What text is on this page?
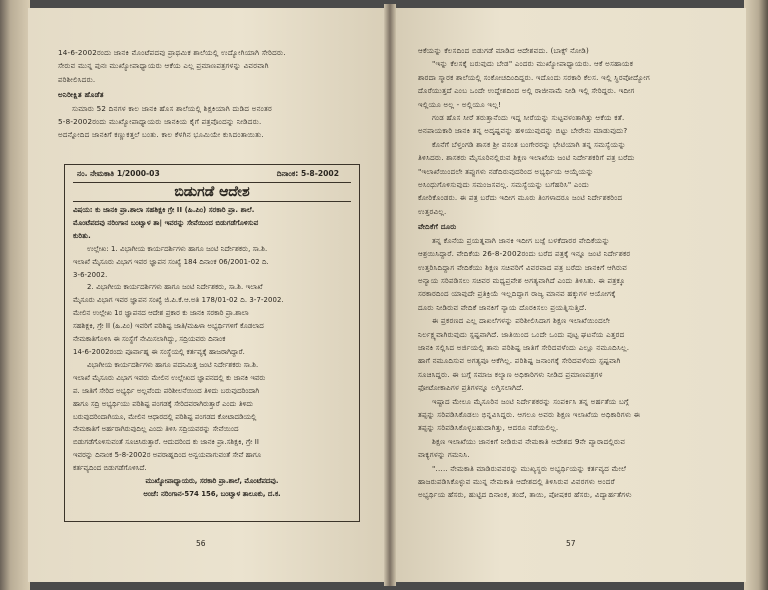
14-6-2002ರಂದು ಜಾನಕಿ ಮೊಂಟೆಪದವು ಪ್ರಾಥಮಿಕ ಶಾಲೆಯಲ್ಲಿ ಉದ್ಯೋಗಿಯಾಗಿ ಸೇರಿದರು.
ಸೇರುವ ಮುನ್ನ ಪುನಃ ಮುಖ್ಯೋಪಾಧ್ಯಾಯರು ಆಕೆಯ ಎಲ್ಲ ಪ್ರಮಾಣಪತ್ರಗಳನ್ನು ವಿವರವಾಗಿ
ಪರಿಶೀಲಿಸಿದರು.
ಅನಿರೀಕ್ಷಿತ ಹೊಡೆತ
ಸುಮಾರು 52 ದಿನಗಳ ಕಾಲ ಜಾನಕಿ ಹೊಸ ಶಾಲೆಯಲ್ಲಿ ಶಿಕ್ಷಕಿಯಾಗಿ ದುಡಿದ ಅನಂತರ
5-8-2002ರಂದು ಮುಖ್ಯೋಪಾಧ್ಯಾಯರು ಜಾನಕಿಯ ಕೈಗೆ ಪತ್ರವೊಂದನ್ನು ನೀಡಿದರು.
ಅದನ್ನೋದಿದ ಜಾನಕಿಗೆ ಕಣ್ಣುಕತ್ತಲೆ ಬಂತು. ಕಾಲ ಕೆಳಗಿನ ಭೂಮಿಯೇ ಕುಸಿದಂತಾಯಿತು.
ನಂ. ನೇಮಕಾತಿ 1/2000-03	ದಿನಾಂಕ: 5-8-2002
ಬಿಡುಗಡೆ ಆದೇಶ
ವಿಷಯ: ಕು ಜಾನಕಿ ಪ್ರಾ.ಶಾಲಾ ಸಹಶಿಕ್ಷಕಿ ಗ್ರೇ II (ಹಿ.ಪಿಂ) ಸರಕಾರಿ ಪ್ರಾ. ಶಾಲೆ.
ಮೊಂಟೆಪದವು ನರಿಂಗಾನ ಬಂಟ್ವಾಳ ತಾ| ಇವರನ್ನು ಸೇವೆಯಿಂದ ಬಿಡುಗಡೆಗೊಳಿಸುವ
ಕುರಿತು.
ಉಲ್ಲೇಖ: 1. ವಿಭಾಗೀಯ ಕಾರ್ಯದರ್ಶಿಗಳು ಹಾಗೂ ಜಂಟಿ ನಿರ್ದೇಶಕರು, ಸಾ.ಶಿ.
ಇಲಾಖೆ ಮೈಸೂರು ವಿಭಾಗ ಇವರ ಜ್ಞಾಪನ ಸಂಖ್ಯೆ 184 ದಿನಾಂಕ 06/2001-02 ದಿ.
3-6-2002.
2. ವಿಭಾಗೀಯ ಕಾರ್ಯದರ್ಶಿಗಳು ಹಾಗೂ ಜಂಟಿ ನಿರ್ದೇಶಕರು, ಸಾ.ಶಿ. ಇಲಾಖೆ
ಮೈಸೂರು ವಿಭಾಗ ಇವರ ಜ್ಞಾಪನ ಸಂಖ್ಯೆ ಜಿ.ಪಿ.ಕೆ.ಆ.ಅತಿ 178/01-02 ದಿ. 3-7-2002.
ಮೇಲಿನ ಉಲ್ಲೇಖ 1ರ ಜ್ಞಾಪನದ ಆದೇಶ ಪ್ರಕಾರ ಕು ಜಾನಕಿ ಸರಕಾರಿ ಪ್ರಾ.ಶಾಲಾ
ಸಹಶಿಕ್ಷಕಿ, ಗ್ರೇ II (ಹಿ.ಪಿಂ) ಇವರಿಗೆ ಪರಿಶಿಷ್ಟ ಜಾತಿ/ಮಹಿಳಾ ಅಭ್ಯರ್ಥಿಗಳಿಗೆ ಕೊಡಲಾದ
ನೇಮಕಾತಿಗೊಳಿಸಿ ಈ ಸಂಸ್ಥೆಗೆ ನೇಮಿಸಲಾಗಿದ್ದು, ಸದ್ರಿಯವರು ದಿನಾಂಕ
14-6-2002ರಂದು ಪೂರ್ವಾಹ್ನ ಈ ಸಂಸ್ಥೆಯಲ್ಲಿ ಕರ್ತವ್ಯಕ್ಕೆ ಹಾಜರಾಗಿದ್ದಾರೆ.
ವಿಭಾಗೀಯ ಕಾರ್ಯದರ್ಶಿಗಳು ಹಾಗೂ ಪದನಿಮಿತ್ತ ಜಂಟಿ ನಿರ್ದೇಶಕರು ಸಾ.ಶಿ.
ಇಲಾಖೆ ಮೈಸೂರು ವಿಭಾಗ ಇವರು ಮೇಲಿನ ಉಲ್ಲೇಖದ ಜ್ಞಾಪನದಲ್ಲಿ ಕು ಜಾನಕಿ ಇವರು
ಪ. ಜಾತಿಗೆ ಸೇರಿದ ಅಭ್ಯರ್ಥಿ ಅಲ್ಲವೆಂದು ಪರಿಶೀಲನೆಯಿಂದ ತಿಳಿದು ಬರುವುದರಿಂದಾಗಿ
ಹಾಗೂ ಸದ್ರಿ ಅಭ್ಯರ್ಥಿಯು ಪರಿಶಿಷ್ಟ ಪಂಗಡಕ್ಕೆ ಸೇರಿದವರಾಗಿರುತ್ತಾರೆ ಎಂದು ತಿಳಿದು
ಬರುವುದರಿಂದಾಗಿಯೂ, ಮೇಲಿನ ಆಧಾರದಲ್ಲಿ ಪರಿಶಿಷ್ಟ ಪಂಗಡದ ಕೋಟಾದಡಿಯಲ್ಲಿ
ನೇಮಕಾತಿಗೆ ಅರ್ಹರಾಗಿರುವುದಿಲ್ಲ ಎಂದು ತಿಳಿಸಿ ಸದ್ರಿಯವರನ್ನು ಸೇವೆಯಿಂದ
ಬಿಡುಗಡೆಗೊಳಿಸುವಂತೆ ಸೂಚಿಸಿರುತ್ತಾರೆ. ಆದುದರಿಂದ ಕು ಜಾನಕಿ ಪ್ರಾ.ಸಶಿಕ್ಷಕಿ, ಗ್ರೇ II
ಇವರನ್ನು ದಿನಾಂಕ 5-8-2002ರ ಅಪರಾಹ್ನದಿಂದ ಅನ್ವಯವಾಗುವಂತೆ ಸೇವೆ ಹಾಗೂ
ಕರ್ತವ್ಯದಿಂದ ಬಿಡುಗಡೆಗೊಳಿಸಿದೆ.
ಮುಖ್ಯೋಪಾಧ್ಯಾಯರು, ಸರಕಾರಿ ಪ್ರಾ.ಶಾಲೆ, ಮೊಂಟೆಪದವು.
ಅಂಚೆ: ನರಿಂಗಾನ-574 156, ಬಂಟ್ವಾಳ ತಾಲೂಕು, ದ.ಕ.
56
ಆಕೆಯನ್ನು ಕೆಲಸದಿಂದ ಬಿಡುಗಡೆ ಮಾಡಿದ ಆದೇಶವದು. (ಬಾಕ್ಸ್ ನೋಡಿ)
"ಇನ್ನು ಕೆಲಸಕ್ಕೆ ಬರುವುದು ಬೇಡ" ಎಂದರು ಮುಖ್ಯೋಪಾಧ್ಯಾಯರು. ಆಕೆ ಅಸಹಾಯಕ
ಶಾರದಾ ಸ್ಮಾರಕ ಶಾಲೆಯಲ್ಲಿ ಸಂಕೋಚದಿಂದಿದ್ದರು. ಇದೊಂದು ಸರಕಾರಿ ಕೆಲಸ. ಇಲ್ಲಿ ಸ್ಥಿರವೋದ್ಯೋಗ
ದೊರೆಯುತ್ತದೆ ಎಂಬ ಒಂದೇ ಉದ್ದೇಶದಿಂದ ಅಲ್ಲಿ ರಾಜೀನಾಮೆ ನೀಡಿ ಇಲ್ಲಿ ಸೇರಿದ್ದರು. ಇದೀಗ
ಇಲ್ಲಿಯೂ ಅಲ್ಲ - ಅಲ್ಲಿಯೂ ಇಲ್ಲ!
ಗಂಡ ಹೊಸ ಸೀರೆ ತರುತ್ತಾನೆಂದು ಇದ್ದ ಸೀರೆಯನ್ನು ಸುಟ್ಟವಳಂತಾಗಿತ್ತು ಆಕೆಯ ಕತೆ.
ಅನಪಾಯಕಾರಿ ಜಾನಕಿ ತನ್ನ ಅದೃಷ್ಟವನ್ನು ಹಳಿಯುವುದನ್ನು ಬಿಟ್ಟು ಬೇರೇನು ಮಾಡುವುದು?
ಕೊನೆಗೆ ಬೆಳ್ತಂಗಡಿ ಶಾಸಕ ಶ್ರೀ ವಸಂತ ಬಂಗೇರರನ್ನು ಭೇಟಿಯಾಗಿ ತನ್ನ ಸಮಸ್ಯೆಯನ್ನು
ತಿಳಿಸಿದರು. ಶಾಸಕರು ಮೈಸೂರಿನಲ್ಲಿರುವ ಶಿಕ್ಷಣ ಇಲಾಖೆಯ ಜಂಟಿ ನಿರ್ದೇಶಕರಿಗೆ ಪತ್ರ ಬರೆದು
"ಇಲಾಖೆಯಿಂದಲೇ ತಪ್ಪುಗಳು ನಡೆದಿರುವುದರಿಂದ ಅಭ್ಯರ್ಥಿಯ ಆಯ್ಕೆಯನ್ನು
ಅಸಿಂಧುಗೊಳಿಸುವುದು ಸಮಂಜಸವಲ್ಲ. ಸಮಸ್ಯೆಯನ್ನು ಬಗೆಹರಿಸಿ" ಎಂದು
ಕೋರಿಕೊಂಡರು. ಈ ಪತ್ರ ಬರೆದು ಇದೀಗ ಮೂರು ತಿಂಗಳಾದರೂ ಜಂಟಿ ನಿರ್ದೇಶಕರಿಂದ
ಉತ್ತರವಿಲ್ಲ.
ವೇದಿಕೆಗೆ ದೂರು
ತನ್ನ ಕೊನೆಯ ಪ್ರಯತ್ನವಾಗಿ ಜಾನಕಿ ಇದೀಗ ಬಜ್ಪೆ ಬಳಕೆದಾರರ ವೇದಿಕೆಯನ್ನು
ಆಶ್ರಯಿಸಿದ್ದಾರೆ. ವೇದಿಕೆಯ 26-8-2002ರಂದು ಬರೆದ ಪತ್ರಕ್ಕೆ ಇನ್ನೂ ಜಂಟಿ ನಿರ್ದೇಶಕರ
ಉತ್ತರಿಸಿದಿದ್ದಾಗ ವೇದಿಕೆಯು ಶಿಕ್ಷಣ ಸಚಿವರಿಗೆ ವಿವರವಾದ ಪತ್ರ ಬರೆದು ಜಾನಕಿಗೆ ಆಗಿರುವ
ಅನ್ಯಾಯ ಸರಿಪಡಿಸಲು ಸಚಿವರ ಮಧ್ಯಪ್ರವೇಶ ಅಗತ್ಯವಾಗಿದೆ ಎಂದು ತಿಳಿಸಿತು. ಈ ಪತ್ರಕ್ಕೂ
ಸರಕಾರದಿಂದ ಯಾವುದೇ ಪ್ರತಿಕ್ರಿಯೆ ಇಲ್ಲದಿದ್ದಾಗ ರಾಜ್ಯ ಮಾನವ ಹಕ್ಕುಗಳ ಆಯೋಗಕ್ಕೆ
ದೂರು ನೀಡಿರುವ ವೇದಿಕೆ ಜಾನಕಿಗೆ ನ್ಯಾಯ ದೊರಕಿಸಲು ಪ್ರಯತ್ನಿಸುತ್ತಿದೆ.
ಈ ಪ್ರಕರಣದ ಎಲ್ಲ ದಾಖಲೆಗಳನ್ನು ಪರಿಶೀಲಿಸಿದಾಗ ಶಿಕ್ಷಣ ಇಲಾಖೆಯಿಂದಲೇ
ನಿರ್ಲಕ್ಷ್ಯವಾಗಿರುವುದು ಸ್ಪಷ್ಟವಾಗಿದೆ. ಜಾತಿಯಿಂದ ಒಂದೇ ಒಂದು ಪುಟ್ಟ ಘಟನೆಯ ಎತ್ತರದ
ಜಾನಕಿ ಸಲ್ಲಿಸಿದ ಅರ್ಜಿಯಲ್ಲಿ ತಾನು ಪರಿಶಿಷ್ಟ ಜಾತಿಗೆ ಸೇರಿದವಳೆಂದು ಎಲ್ಲೂ ನಮೂದಿಸಿಲ್ಲ.
ಹಾಗೆ ನಮೂದಿಸುವ ಅಗತ್ಯವೂ ಆಕೆಗಿಲ್ಲ. ಪರಿಶಿಷ್ಟ ಜನಾಂಗಕ್ಕೆ ಸೇರಿದವಳೆಂದು ಸ್ಪಷ್ಟವಾಗಿ
ಸೂಚಿಸಿದ್ದರು. ಈ ಬಗ್ಗೆ ಸಮಾಜ ಕಲ್ಯಾಣ ಅಧಿಕಾರಿಗಳು ನೀಡಿದ ಪ್ರಮಾಣಪತ್ರಗಳ
ಫೋಟೋಕಾಪಿಗಳ ಪ್ರತಿಗಳನ್ನೂ ಲಗ್ತಿಸಲಾಗಿದೆ.
ಇಷ್ಟಾದ ಮೇಲೂ ಮೈಸೂರಿನ ಜಂಟಿ ನಿರ್ದೇಶಕರನ್ನು ಸಂಪರ್ಕಿಸಿ ತನ್ನ ಅರ್ಹತೆಯ ಬಗ್ಗೆ
ತಪ್ಪನ್ನು ಸರಿಪಡಿಸಿಕೊಡಲು ಭಿನ್ನವಿಸಿದ್ದರು. ಆಗಲೂ ಅವರು ಶಿಕ್ಷಣ ಇಲಾಖೆಯ ಅಧಿಕಾರಿಗಳು ಈ
ತಪ್ಪನ್ನು ಸರಿಪಡಿಸಿಕೊಳ್ಳಬಹುದಾಗಿತ್ತು, ಆದರೂ ನಡೆಯಲಿಲ್ಲ.
ಶಿಕ್ಷಣ ಇಲಾಖೆಯು ಜಾನಕಿಗೆ ನೀಡಿರುವ ನೇಮಕಾತಿ ಆದೇಶದ 9ನೇ ಪ್ಯಾರಾದಲ್ಲಿರುವ
ವಾಕ್ಯಗಳನ್ನು ಗಮನಿಸಿ.
"..... ನೇಮಕಾತಿ ಮಾಡಿರುವವರನ್ನು ಮುಖ್ಯಸ್ಥರು ಅಭ್ಯರ್ಥಿಯನ್ನು ಕರ್ತವ್ಯದ ಮೇಲೆ
ಹಾಜರುಪಡಿಸಿಕೊಳ್ಳುವ ಮುನ್ನ ನೇಮಕಾತಿ ಆದೇಶದಲ್ಲಿ ತಿಳಿಸಿರುವ ವಿವರಗಳು ಅಂದರೆ
ಅಭ್ಯರ್ಥಿಯ ಹೆಸರು, ಹುಟ್ಟಿದ ದಿನಾಂಕ, ತಂದೆ, ತಾಯಿ, ಪೋಷಕರ ಹೆಸರು, ವಿದ್ಯಾರ್ಹತೆಗಳು
57
